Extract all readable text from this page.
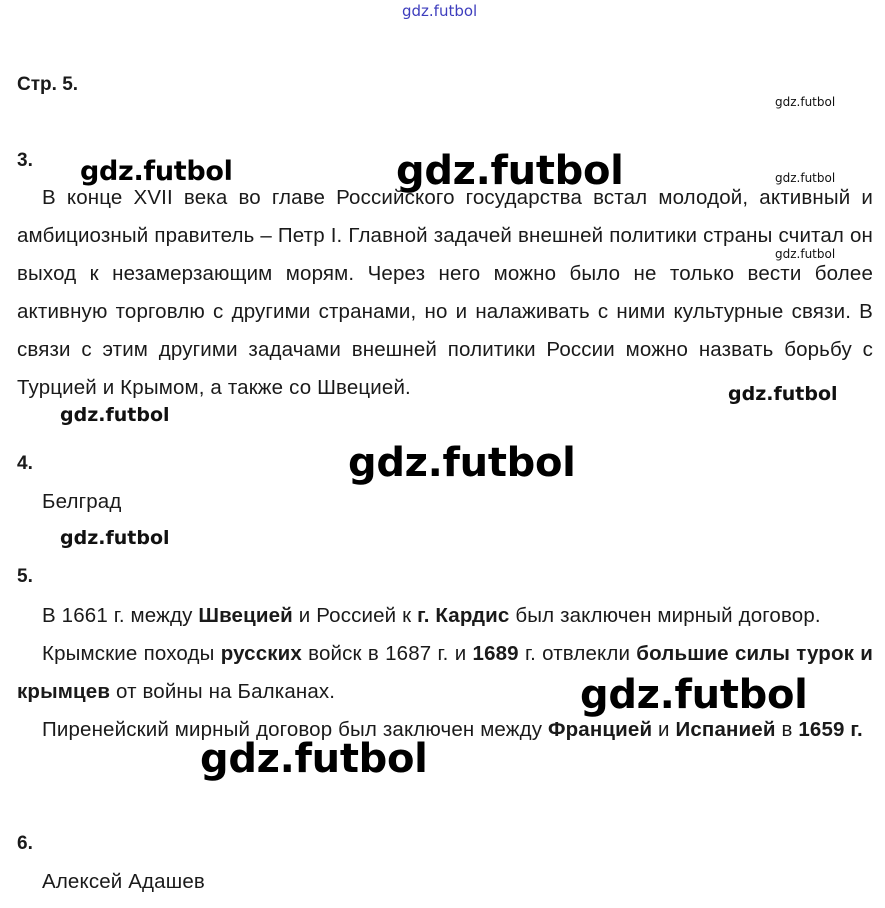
gdz.futbol
gdz.futbol
gdz.futbol
gdz.futbol
gdz.futbol	gdz.futbol
gdz.futbol
gdz.futbol
gdz.futbol
gdz.futbol
gdz.futbol
gdz.futbol
Стр. 5.
3.

В конце XVII века во главе Российского государства встал молодой, активный и амбициозный правитель – Петр I. Главной задачей внешней политики страны считал он выход к незамерзающим морям. Через него можно было не только вести более активную торговлю с другими странами, но и налаживать с ними культурные связи. В связи с этим другими задачами внешней политики России можно назвать борьбу с Турцией и Крымом, а также со Швецией.

4.
Белград
5.

В 1661 г. между Швецией и Россией к г. Кардис был заключен мирный договор.

Крымские походы русских войск в 1687 г. и 1689 г. отвлекли большие силы турок и крымцев от войны на Балканах.

Пиренейский мирный договор был заключен между Францией и Испанией в 1659 г.

6.
Алексей Адашев
